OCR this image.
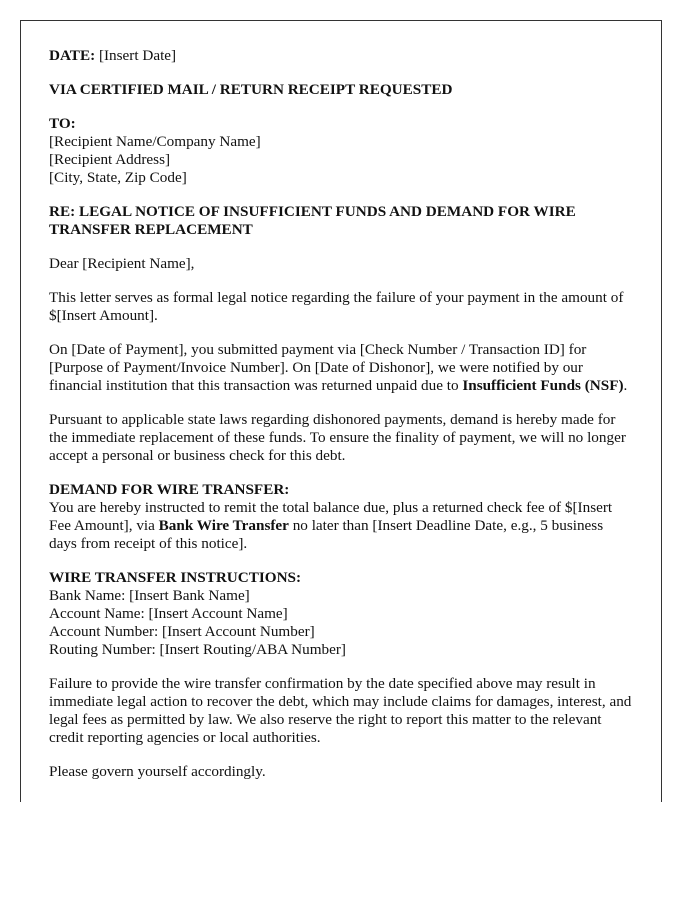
DATE: [Insert Date]

VIA CERTIFIED MAIL / RETURN RECEIPT REQUESTED

TO:
[Recipient Name/Company Name]
[Recipient Address]
[City, State, Zip Code]

RE: LEGAL NOTICE OF INSUFFICIENT FUNDS AND DEMAND FOR WIRE TRANSFER REPLACEMENT

Dear [Recipient Name],

This letter serves as formal legal notice regarding the failure of your payment in the amount of $[Insert Amount].

On [Date of Payment], you submitted payment via [Check Number / Transaction ID] for [Purpose of Payment/Invoice Number]. On [Date of Dishonor], we were notified by our financial institution that this transaction was returned unpaid due to Insufficient Funds (NSF).

Pursuant to applicable state laws regarding dishonored payments, demand is hereby made for the immediate replacement of these funds. To ensure the finality of payment, we will no longer accept a personal or business check for this debt.

DEMAND FOR WIRE TRANSFER:
You are hereby instructed to remit the total balance due, plus a returned check fee of $[Insert Fee Amount], via Bank Wire Transfer no later than [Insert Deadline Date, e.g., 5 business days from receipt of this notice].

WIRE TRANSFER INSTRUCTIONS:
Bank Name: [Insert Bank Name]
Account Name: [Insert Account Name]
Account Number: [Insert Account Number]
Routing Number: [Insert Routing/ABA Number]

Failure to provide the wire transfer confirmation by the date specified above may result in immediate legal action to recover the debt, which may include claims for damages, interest, and legal fees as permitted by law. We also reserve the right to report this matter to the relevant credit reporting agencies or local authorities.

Please govern yourself accordingly.
